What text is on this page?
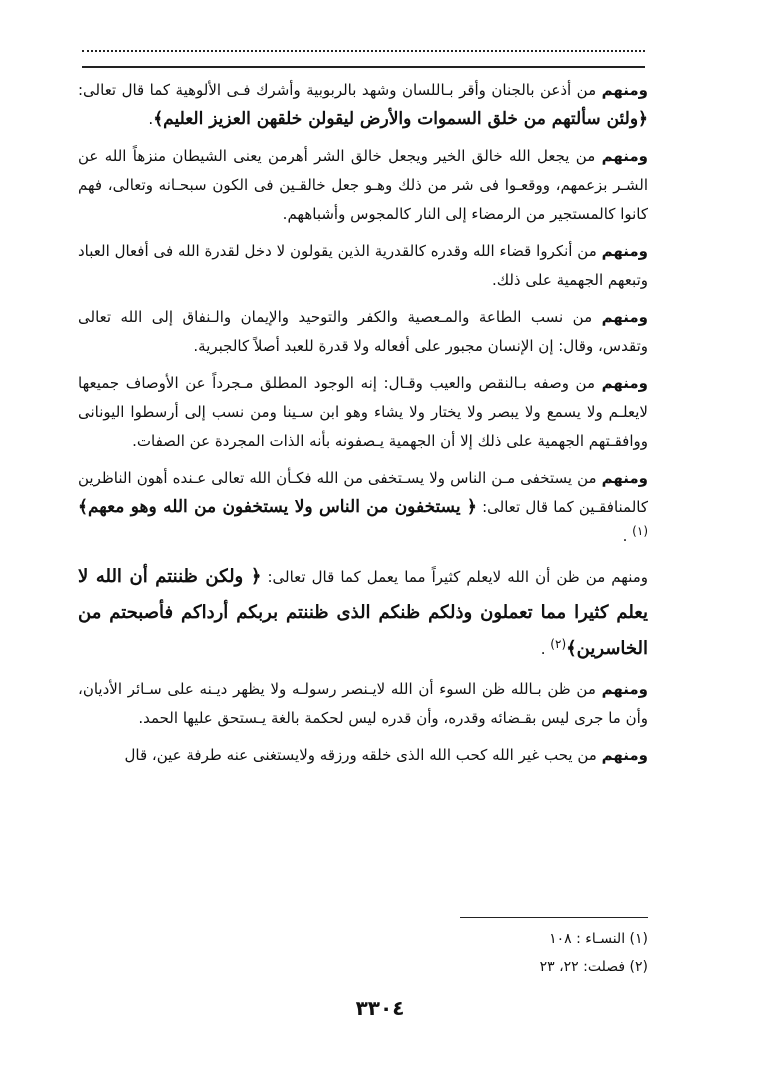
ومنهم من أذعن بالجنان وأقر بـاللسان وشهد بالربوبية وأشرك فـى الألوهية كما قال تعالى: ﴿ولئن سألتهم من خلق السموات والأرض ليقولن خلقهن العزيز العليم﴾.

ومنهم من يجعل الله خالق الخير ويجعل خالق الشر أهرمن يعنى الشيطان منزهاً الله عن الشـر بزعمهم، ووقعـوا فى شر من ذلك وهـو جعل خالقـين فى الكون سبحـانه وتعالى، فهم كانوا كالمستجير من الرمضاء إلى النار كالمجوس وأشباههم.

ومنهم من أنكروا قضاء الله وقدره كالقدرية الذين يقولون لا دخل لقدرة الله فى أفعال العباد وتبعهم الجهمية على ذلك.

ومنهم من نسب الطاعة والمـعصية والكفر والتوحيد والإيمان والـنفاق إلى الله تعالى وتقدس، وقال: إن الإنسان مجبور على أفعاله ولا قدرة للعبد أصلاً كالجبرية.

ومنهم من وصفه بـالنقص والعيب وقـال: إنه الوجود المطلق مـجرداً عن الأوصاف جميعها لايعلـم ولا يسمع ولا يبصر ولا يختار ولا يشاء وهو ابن سـينا ومن نسب إلى أرسطوا اليونانى ووافقـتهم الجهمية على ذلك إلا أن الجهمية يـصفونه بأنه الذات المجردة عن الصفات.

ومنهم من يستخفى مـن الناس ولا يسـتخفى من الله فكـأن الله تعالى عـنده أهون الناظرين كالمنافقـين كما قال تعالى: ﴿ يستخفون من الناس ولا يستخفون من الله وهو معهم﴾$^{(١)}$ .

ومنهم من ظن أن الله لايعلم كثيراً مما يعمل كما قال تعالى: ﴿ ولكن ظننتم أن الله لا يعلم كثيرا مما تعملون وذلكم ظنكم الذى ظننتم بربكم أرداكم فأصبحتم من الخاسرين﴾$^{(٢)}$ .

ومنهم من ظن بـالله ظن السوء أن الله لايـنصر رسولـه ولا يظهر ديـنه على سـائر الأديان، وأن ما جرى ليس بقـضائه وقدره، وأن قدره ليس لحكمة بالغة يـستحق عليها الحمد.

ومنهم من يحب غير الله كحب الله الذى خلقه ورزقه ولايستغنى عنه طرفة عين، قال

(١) النسـاء : ١٠٨
(٢) فصلت: ٢٢، ٢٣
٣٣٠٤
